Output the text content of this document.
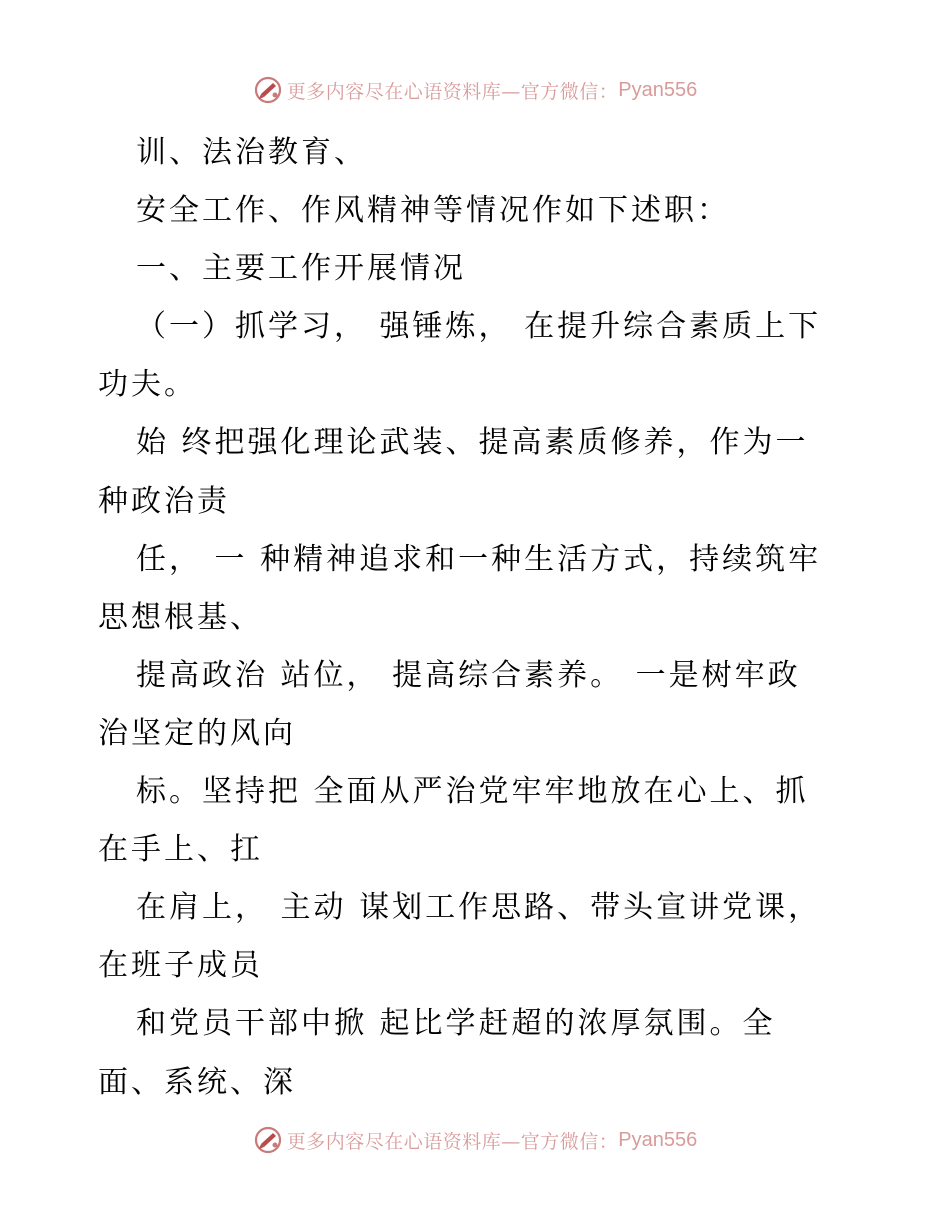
更多内容尽在心语资料库—官方微信： Pyan556
训、法治教育、
安全工作、作风精神等情况作如下述职：
一、主要工作开展情况
（一）抓学习， 强锤炼， 在提升综合素质上下
功夫。
始 终把强化理论武装、提高素质修养，作为一
种政治责
任， 一 种精神追求和一种生活方式，持续筑牢
思想根基、
提高政治 站位， 提高综合素养。 一是树牢政
治坚定的风向
标。坚持把 全面从严治党牢牢地放在心上、抓
在手上、扛
在肩上， 主动 谋划工作思路、带头宣讲党课，
在班子成员
和党员干部中掀 起比学赶超的浓厚氛围。全
面、系统、深
更多内容尽在心语资料库—官方微信： Pyan556
